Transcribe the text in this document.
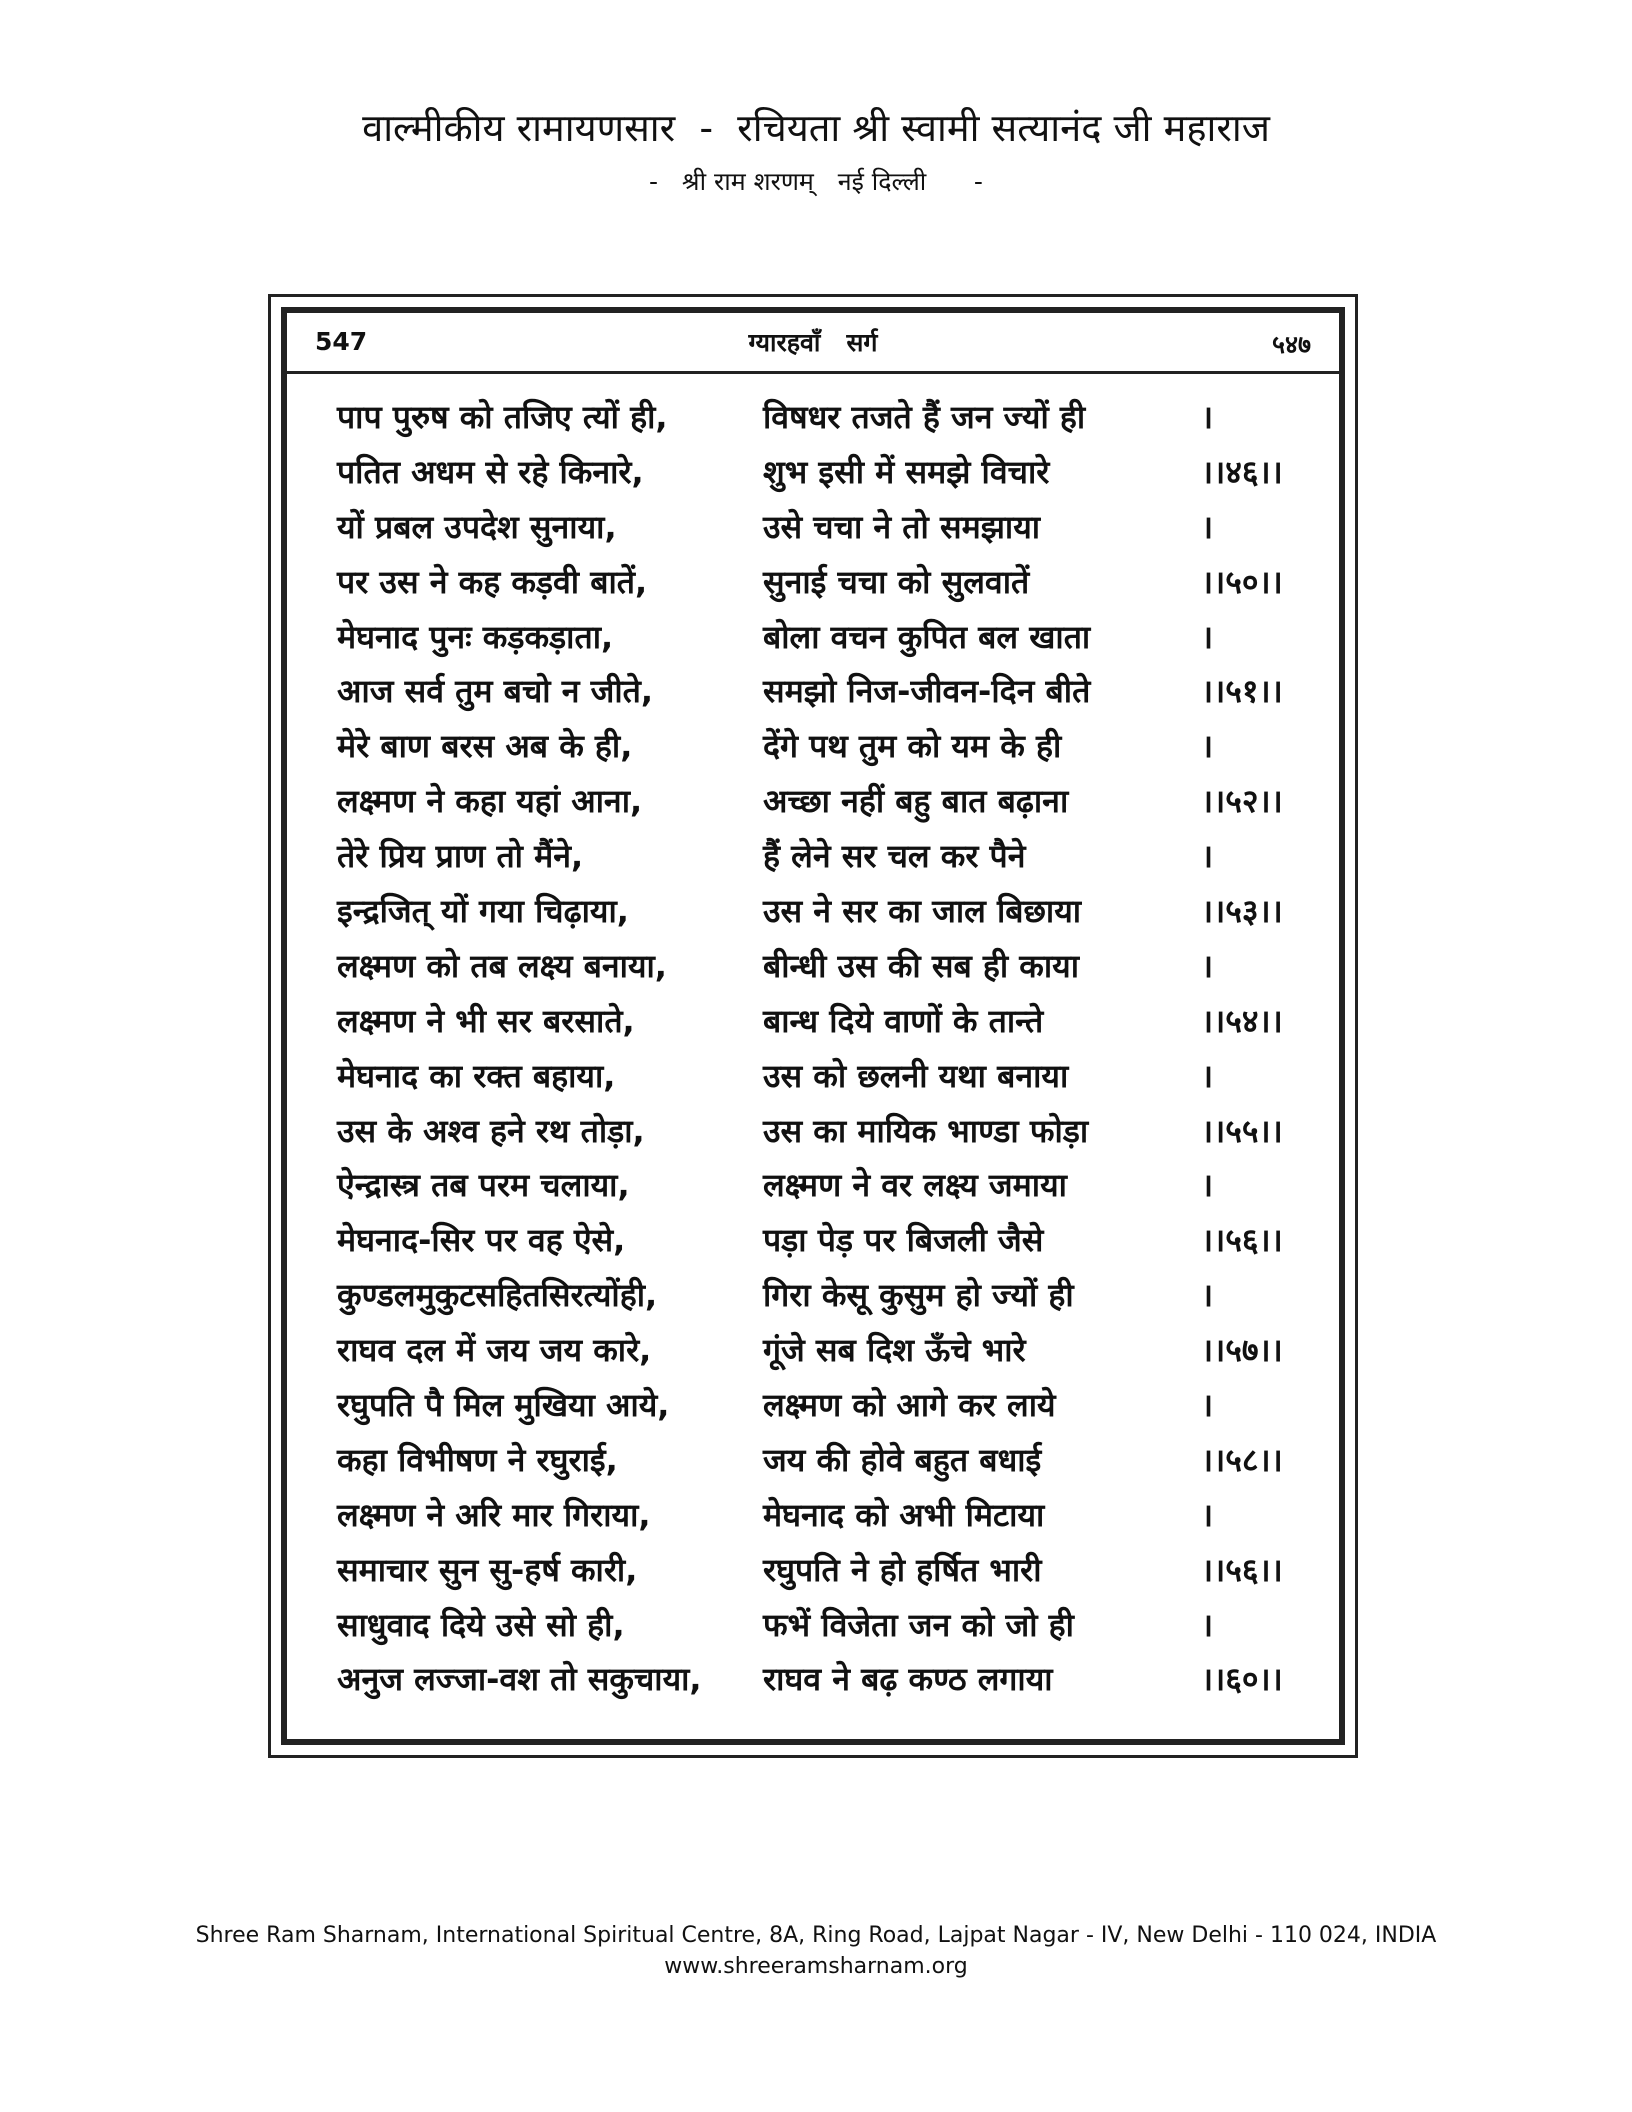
वाल्मीकीय रामायणसार  -  रचियता श्री स्वामी सत्यानंद जी महाराज
-   श्री राम शरणम्   नई दिल्ली      -
547	ग्यारहवाँ   सर्ग	५४७
पाप पुरुष को तजिए त्यों ही,	विषधर तजते हैं जन ज्यों ही	।
पतित अधम से रहे किनारे,	शुभ इसी में समझे विचारे	।।४६।।
यों प्रबल उपदेश सुनाया,	उसे चचा ने तो समझाया	।
पर उस ने कह कड़वी बातें,	सुनाई चचा को सुलवातें	।।५०।।
मेघनाद पुनः कड़कड़ाता,	बोला वचन कुपित बल खाता	।
आज सर्व तुम बचो न जीते,	समझो निज-जीवन-दिन बीते	।।५१।।
मेरे बाण बरस अब के ही,	देंगे पथ तुम को यम के ही	।
लक्ष्मण ने कहा यहां आना,	अच्छा नहीं बहु बात बढ़ाना	।।५२।।
तेरे प्रिय प्राण तो मैंने,	हैं लेने सर चल कर पैने	।
इन्द्रजित् यों गया चिढ़ाया,	उस ने सर का जाल बिछाया	।।५३।।
लक्ष्मण को तब लक्ष्य बनाया,	बीन्धी उस की सब ही काया	।
लक्ष्मण ने भी सर बरसाते,	बान्ध दिये वाणों के तान्ते	।।५४।।
मेघनाद का रक्त बहाया,	उस को छलनी यथा बनाया	।
उस के अश्व हने रथ तोड़ा,	उस का मायिक भाण्डा फोड़ा	।।५५।।
ऐन्द्रास्त्र तब परम चलाया,	लक्ष्मण ने वर लक्ष्य जमाया	।
मेघनाद-सिर पर वह ऐसे,	पड़ा पेड़ पर बिजली जैसे	।।५६।।
कुण्डलमुकुटसहितसिरत्योंही,	गिरा केसू कुसुम हो ज्यों ही	।
राघव दल में जय जय कारे,	गूंजे सब दिश ऊँचे भारे	।।५७।।
रघुपति पै मिल मुखिया आये,	लक्ष्मण को आगे कर लाये	।
कहा विभीषण ने रघुराई,	जय की होवे बहुत बधाई	।।५८।।
लक्ष्मण ने अरि मार गिराया,	मेघनाद को अभी मिटाया	।
समाचार सुन सु-हर्ष कारी,	रघुपति ने हो हर्षित भारी	।।५६।।
साधुवाद दिये उसे सो ही,	फभें विजेता जन को जो ही	।
अनुज लज्जा-वश तो सकुचाया,	राघव ने बढ़ कण्ठ लगाया	।।६०।।
Shree Ram Sharnam, International Spiritual Centre, 8A, Ring Road, Lajpat Nagar - IV, New Delhi - 110 024, INDIA
www.shreeramsharnam.org
